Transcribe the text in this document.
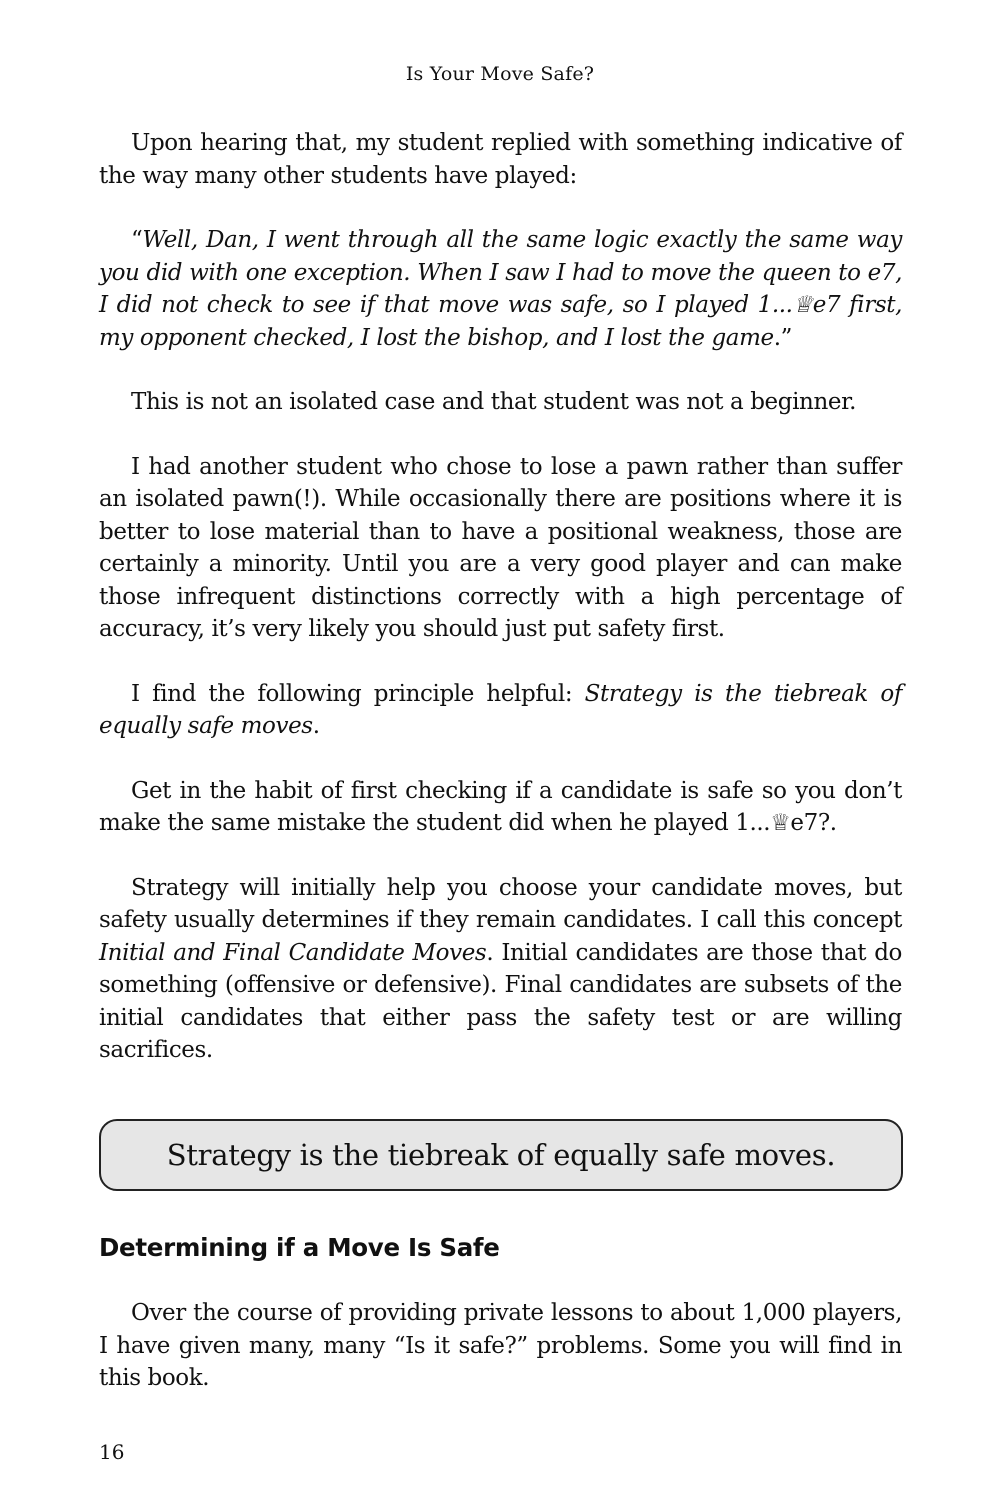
Is Your Move Safe?

Upon hearing that, my student replied with something indicative of the way many other students have played:

“Well, Dan, I went through all the same logic exactly the same way you did with one exception. When I saw I had to move the queen to e7, I did not check to see if that move was safe, so I played 1...♕e7 first, my opponent checked, I lost the bishop, and I lost the game.”

This is not an isolated case and that student was not a beginner.

I had another student who chose to lose a pawn rather than suffer an isolated pawn(!). While occasionally there are positions where it is better to lose material than to have a positional weakness, those are certainly a minority. Until you are a very good player and can make those infrequent distinctions correctly with a high percentage of accuracy, it’s very likely you should just put safety first.

I find the following principle helpful: Strategy is the tiebreak of equally safe moves.

Get in the habit of first checking if a candidate is safe so you don’t make the same mistake the student did when he played 1...♕e7?.

Strategy will initially help you choose your candidate moves, but safety usually determines if they remain candidates. I call this concept Initial and Final Candidate Moves. Initial candidates are those that do something (offensive or defensive). Final candidates are subsets of the initial candidates that either pass the safety test or are willing sacrifices.

Strategy is the tiebreak of equally safe moves.
Determining if a Move Is Safe

Over the course of providing private lessons to about 1,000 players, I have given many, many “Is it safe?” problems. Some you will find in this book.

16
